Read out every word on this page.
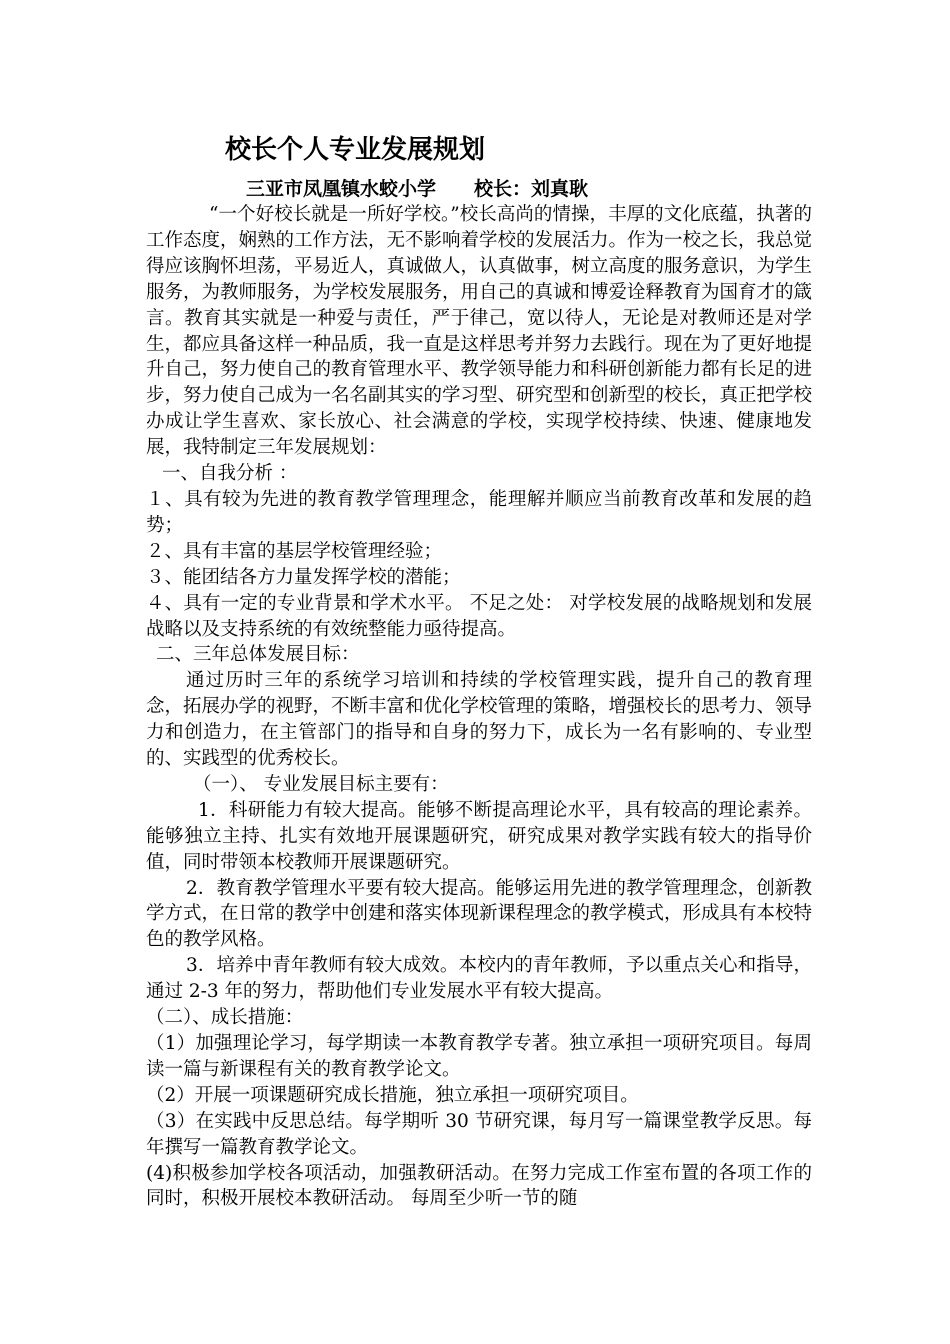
校长个人专业发展规划
三亚市凤凰镇水蛟小学 校长：刘真耿

“一个好校长就是一所好学校。”校长高尚的情操，丰厚的文化底蕴，执著的工作态度，娴熟的工作方法，无不影响着学校的发展活力。作为一校之长，我总觉得应该胸怀坦荡，平易近人，真诚做人，认真做事，树立高度的服务意识，为学生服务，为教师服务，为学校发展服务，用自己的真诚和博爱诠释教育为国育才的箴言。教育其实就是一种爱与责任，严于律己，宽以待人，无论是对教师还是对学生，都应具备这样一种品质，我一直是这样思考并努力去践行。现在为了更好地提升自己，努力使自己的教育管理水平、教学领导能力和科研创新能力都有长足的进步，努力使自己成为一名名副其实的学习型、研究型和创新型的校长，真正把学校办成让学生喜欢、家长放心、社会满意的学校，实现学校持续、快速、健康地发展，我特制定三年发展规划：

一、自我分析 ：

１、具有较为先进的教育教学管理理念，能理解并顺应当前教育改革和发展的趋势；

２、具有丰富的基层学校管理经验；

３、能团结各方力量发挥学校的潜能；

４、具有一定的专业背景和学术水平。 不足之处： 对学校发展的战略规划和发展战略以及支持系统的有效统整能力亟待提高。

二、三年总体发展目标：

通过历时三年的系统学习培训和持续的学校管理实践，提升自己的教育理念，拓展办学的视野，不断丰富和优化学校管理的策略，增强校长的思考力、领导力和创造力，在主管部门的指导和自身的努力下，成长为一名有影响的、专业型的、实践型的优秀校长。

（一）、 专业发展目标主要有：

1．科研能力有较大提高。能够不断提高理论水平，具有较高的理论素养。能够独立主持、扎实有效地开展课题研究，研究成果对教学实践有较大的指导价值，同时带领本校教师开展课题研究。

2．教育教学管理水平要有较大提高。能够运用先进的教学管理理念，创新教学方式，在日常的教学中创建和落实体现新课程理念的教学模式，形成具有本校特色的教学风格。

3．培养中青年教师有较大成效。本校内的青年教师，予以重点关心和指导，通过 2-3 年的努力，帮助他们专业发展水平有较大提高。

（二）、成长措施：

（1）加强理论学习，每学期读一本教育教学专著。独立承担一项研究项目。每周读一篇与新课程有关的教育教学论文。

（2）开展一项课题研究成长措施，独立承担一项研究项目。

（3）在实践中反思总结。每学期听 30 节研究课，每月写一篇课堂教学反思。每年撰写一篇教育教学论文。

(4)积极参加学校各项活动，加强教研活动。在努力完成工作室布置的各项工作的同时，积极开展校本教研活动。 每周至少听一节的随
